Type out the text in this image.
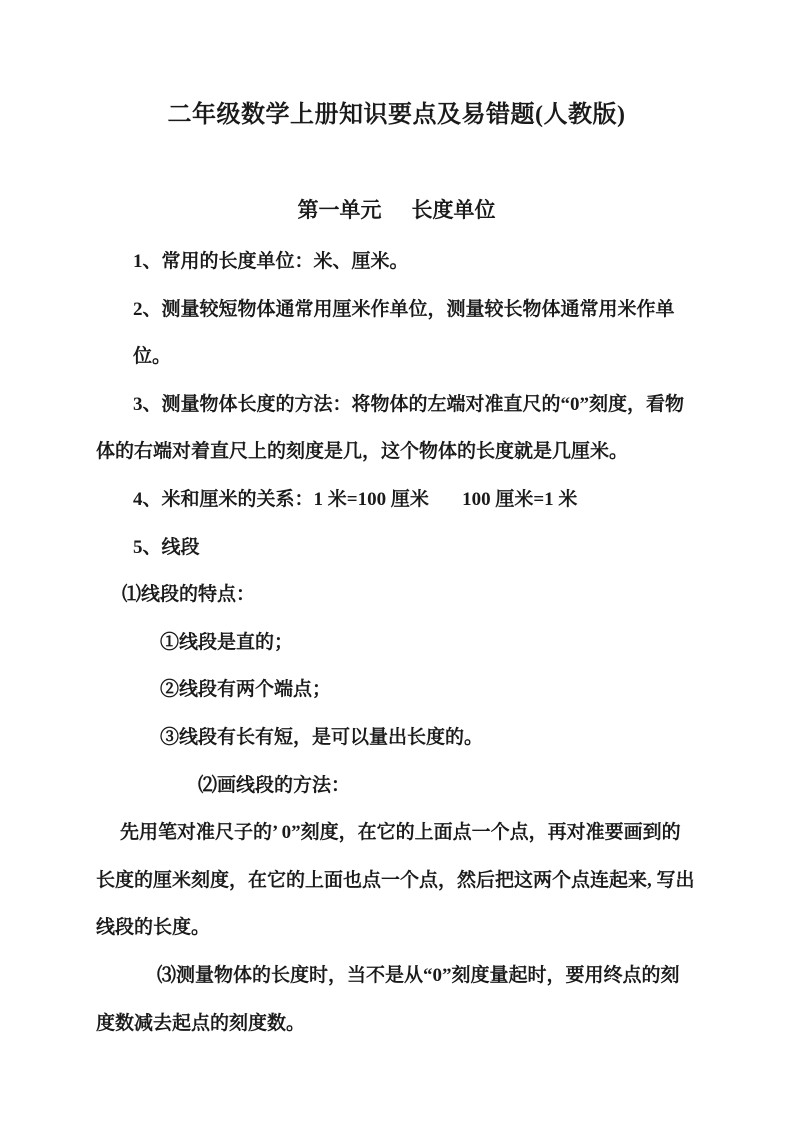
二年级数学上册知识要点及易错题(人教版)
第一单元 长度单位
1、常用的长度单位：米、厘米。
2、测量较短物体通常用厘米作单位，测量较长物体通常用米作单位。
3、测量物体长度的方法：将物体的左端对准直尺的“0”刻度，看物
体的右端对着直尺上的刻度是几，这个物体的长度就是几厘米。
4、米和厘米的关系：1 米=100 厘米       100 厘米=1 米
5、线段
⑴线段的特点：
①线段是直的；
②线段有两个端点；
③线段有长有短，是可以量出长度的。
⑵画线段的方法：
先用笔对准尺子的’ 0”刻度，在它的上面点一个点，再对准要画到的
长度的厘米刻度，在它的上面也点一个点，然后把这两个点连起来, 写出
线段的长度。
⑶测量物体的长度时，当不是从“0”刻度量起时，要用终点的刻
度数减去起点的刻度数。
